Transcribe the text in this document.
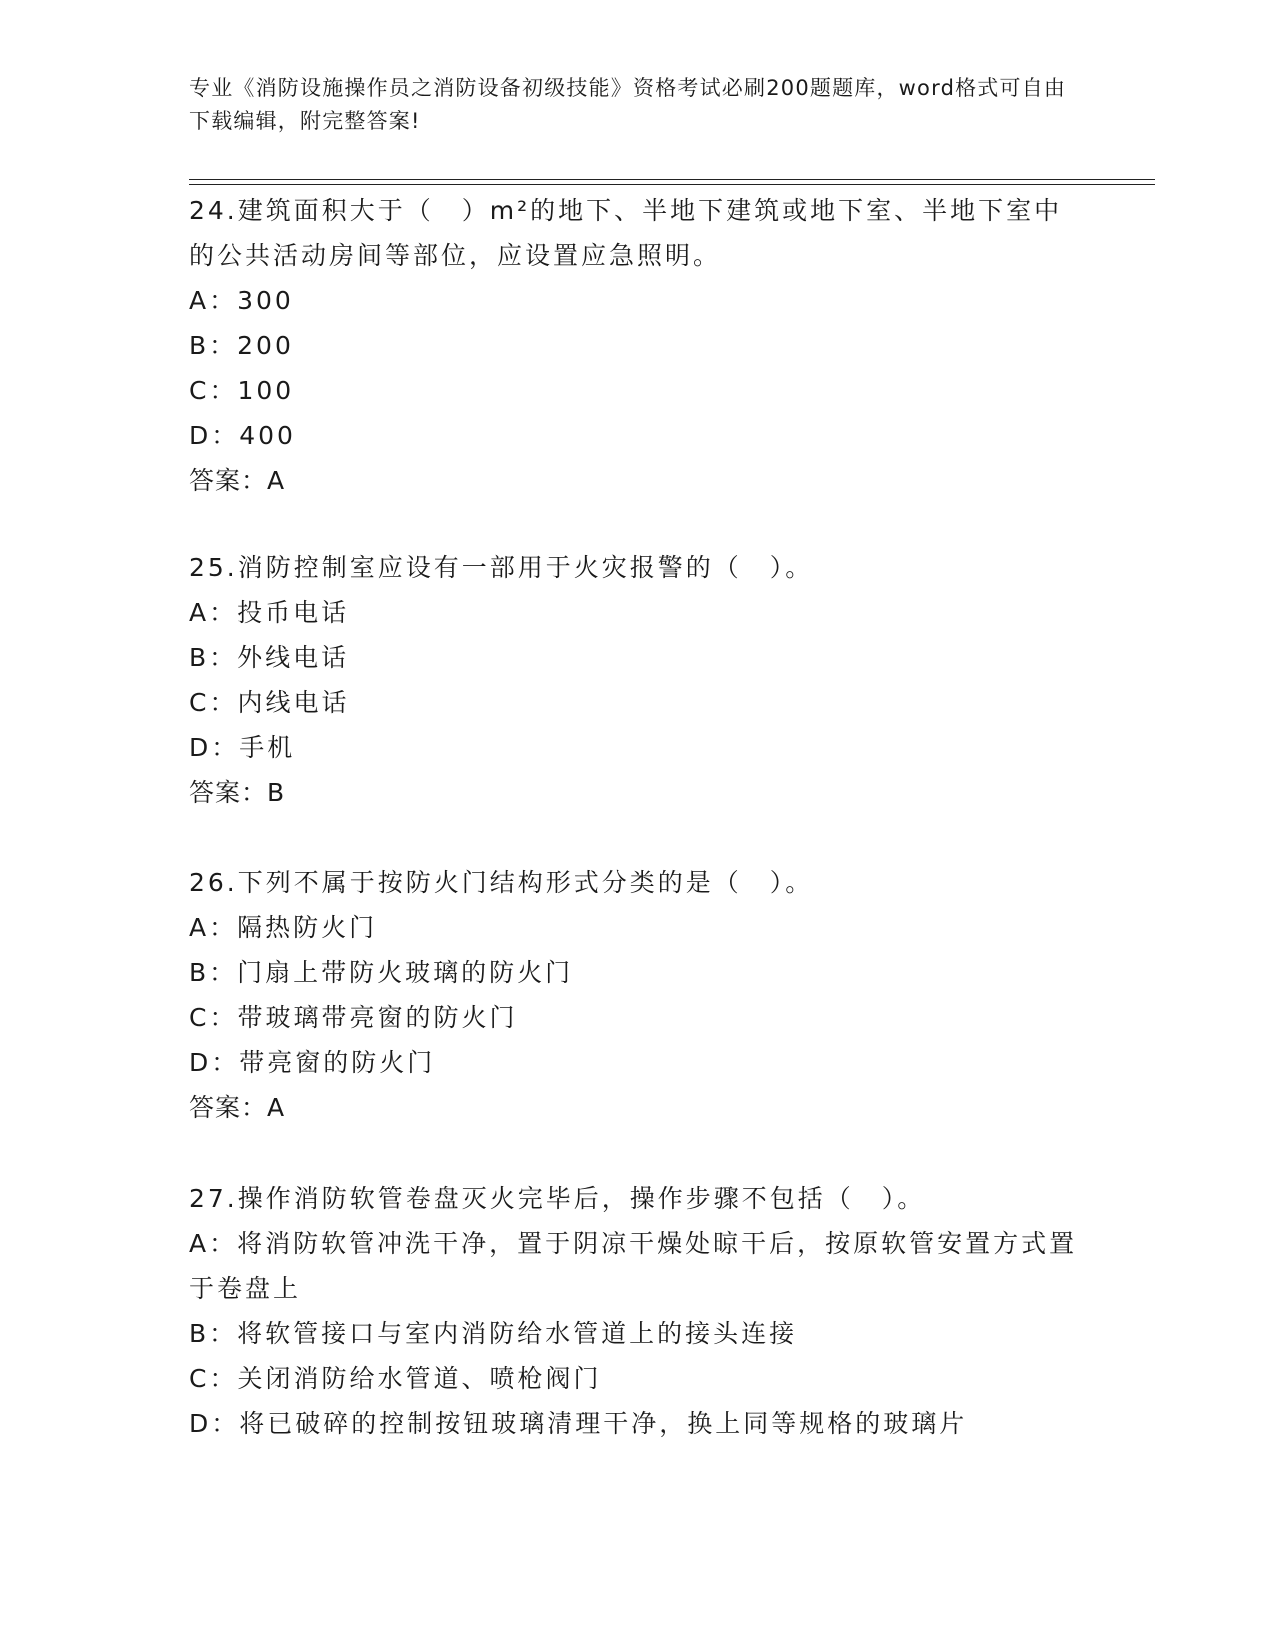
专业《消防设施操作员之消防设备初级技能》资格考试必刷200题题库，word格式可自由下载编辑，附完整答案!

24.建筑面积大于（　）m²的地下、半地下建筑或地下室、半地下室中的公共活动房间等部位，应设置应急照明。
A：300
B：200
C：100
D：400
答案：A
25.消防控制室应设有一部用于火灾报警的（　）。
A：投币电话
B：外线电话
C：内线电话
D：手机
答案：B
26.下列不属于按防火门结构形式分类的是（　）。
A：隔热防火门
B：门扇上带防火玻璃的防火门
C：带玻璃带亮窗的防火门
D：带亮窗的防火门
答案：A
27.操作消防软管卷盘灭火完毕后，操作步骤不包括（　）。
A：将消防软管冲洗干净，置于阴凉干燥处晾干后，按原软管安置方式置于卷盘上
B：将软管接口与室内消防给水管道上的接头连接
C：关闭消防给水管道、喷枪阀门
D：将已破碎的控制按钮玻璃清理干净，换上同等规格的玻璃片
